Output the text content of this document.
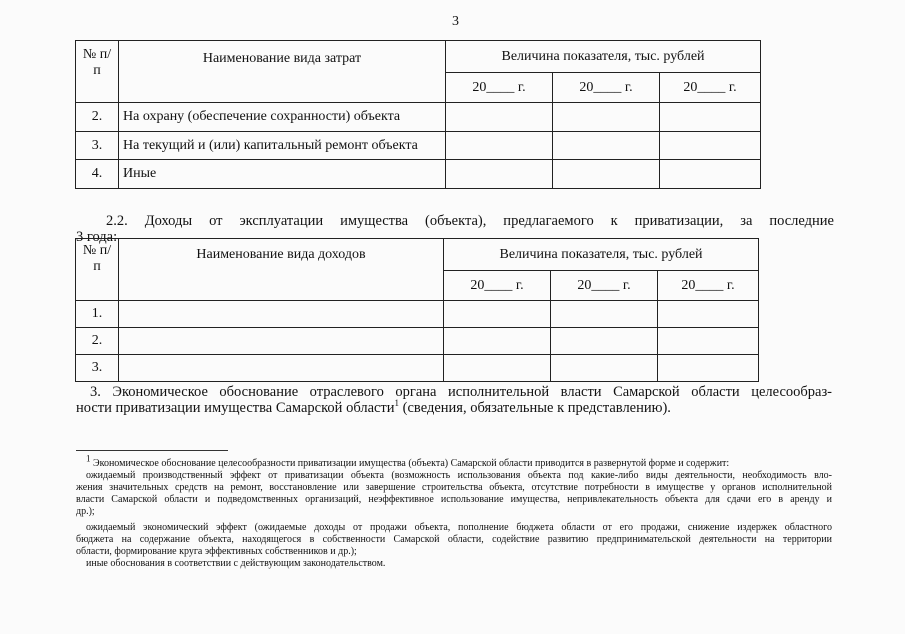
3
№ п/п	Наименование вида затрат	Величина показателя, тыс. рублей		
		20____ г.	20____ г.	20____ г.
2.	На охрану (обеспечение сохранности) объекта			
3.	На текущий и (или) капитальный ремонт объекта			
4.	Иные			
2.2. Доходы от эксплуатации имущества (объекта), предлагаемого к приватизации, за последние
3 года:
№ п/п	Наименование вида доходов	Величина показателя, тыс. рублей		
		20____ г.	20____ г.	20____ г.
1.				
2.				
3.				
3. Экономическое обоснование отраслевого органа исполнительной власти Самарской области целесообраз-
ности приватизации имущества Самарской области$^1$ (сведения, обязательные к представлению).

$^1$ Экономическое обоснование целесообразности приватизации имущества (объекта) Самарской области приводится в развернутой форме и содержит:

ожидаемый производственный эффект от приватизации объекта (возможность использования объекта под какие-либо виды деятельности, необходимость вло-

жения значительных средств на ремонт, восстановление или завершение строительства объекта, отсутствие потребности в имуществе у органов исполнительной

власти Самарской области и подведомственных организаций, неэффективное использование имущества, непривлекательность объекта для сдачи его в аренду и

др.);

ожидаемый экономический эффект (ожидаемые доходы от продажи объекта, пополнение бюджета области от его продажи, снижение издержек областного

бюджета на содержание объекта, находящегося в собственности Самарской области, содействие развитию предпринимательской деятельности на территории

области, формирование круга эффективных собственников и др.);

иные обоснования в соответствии с действующим законодательством.
